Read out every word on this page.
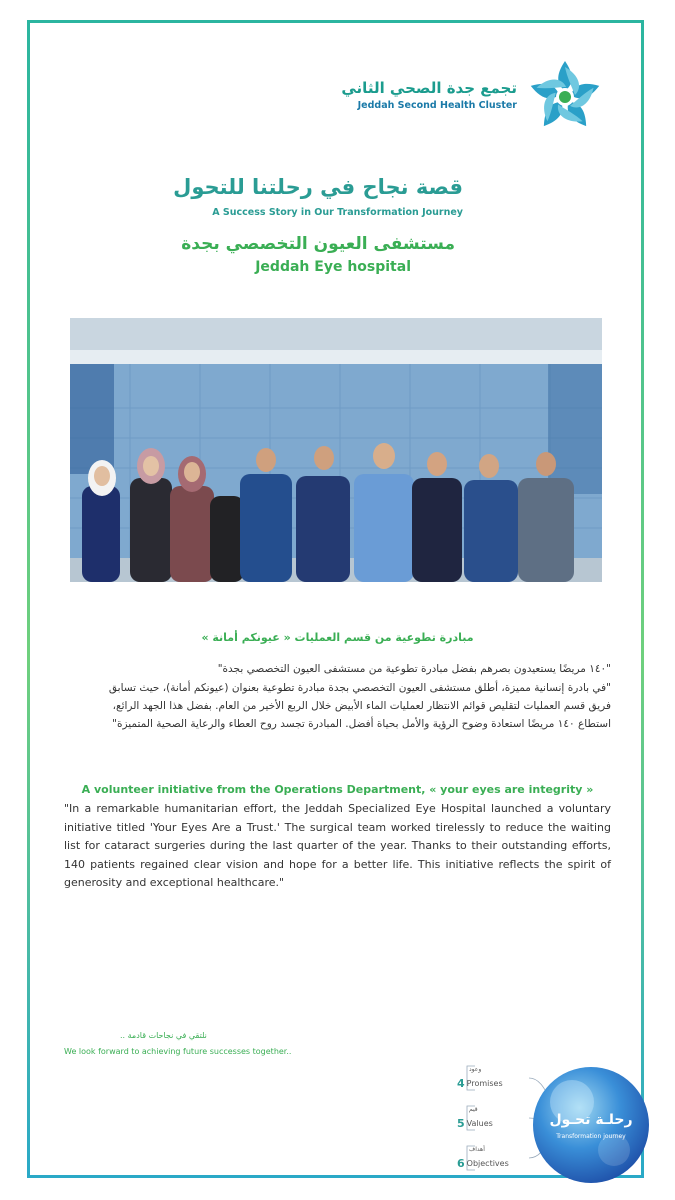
تجمع جدة الصحي الثاني
Jeddah Second Health Cluster
قصة نجاح في رحلتنا للتحول
A Success Story in Our Transformation Journey
مستشفى العيون التخصصي بجدة
Jeddah Eye hospital
مبادرة تطوعية من قسم العمليات « عيونكم أمانة »
"١٤٠ مريضًا يستعيدون بصرهم بفضل مبادرة تطوعية من مستشفى العيون التخصصي بجدة"
"في بادرة إنسانية مميزة، أطلق مستشفى العيون التخصصي بجدة مبادرة تطوعية بعنوان (عيونكم أمانة)، حيث تسابق
فريق قسم العمليات لتقليص قوائم الانتظار لعمليات الماء الأبيض خلال الربع الأخير من العام. بفضل هذا الجهد الرائع،
استطاع ١٤٠ مريضًا استعادة وضوح الرؤية والأمل بحياة أفضل. المبادرة تجسد روح العطاء والرعاية الصحية المتميزة"
A volunteer initiative from the Operations Department, « your eyes are integrity »
"In a remarkable humanitarian effort, the Jeddah Specialized Eye Hospital launched a voluntary initiative titled 'Your Eyes Are a Trust.' The surgical team worked tirelessly to reduce the waiting list for cataract surgeries during the last quarter of the year. Thanks to their outstanding efforts, 140 patients regained clear vision and hope for a better life. This initiative reflects the spirit of generosity and exceptional healthcare."
نلتقي في نجاحات قادمة ..
We look forward to achieving future successes together..
وعود
4 Promises
قيم
5 Values
أهداف
6 Objectives
رحلـة تحـول
Transformation journey
